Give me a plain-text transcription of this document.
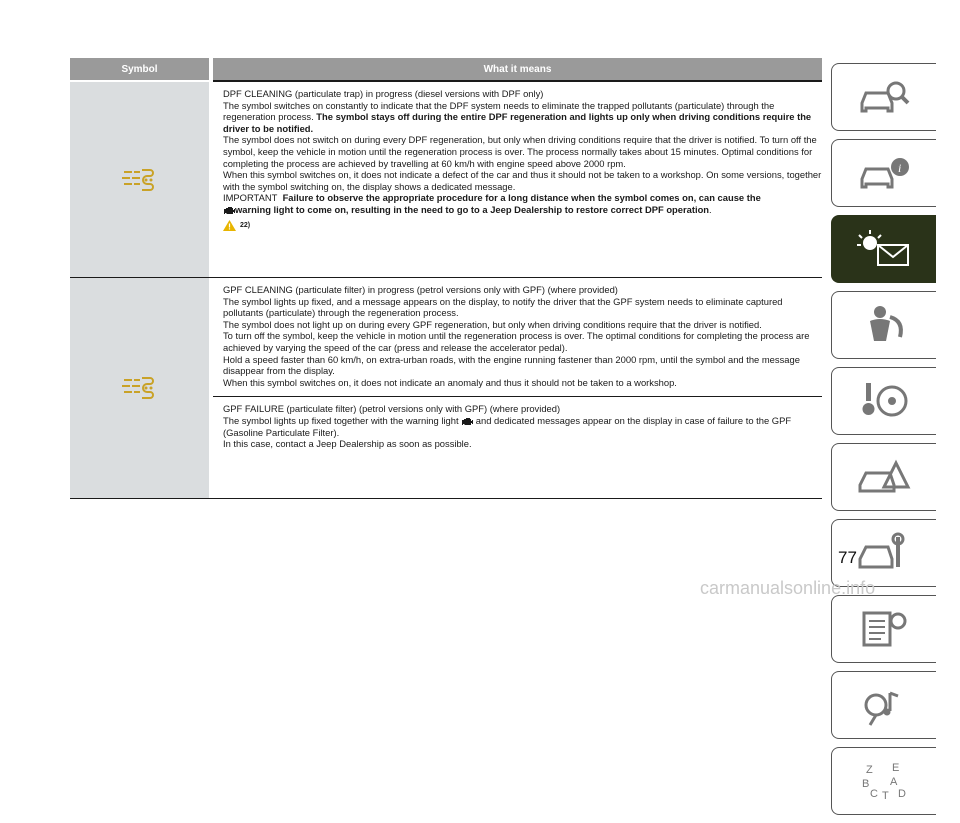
Symbol	What it means

DPF CLEANING (particulate trap) in progress (diesel versions with DPF only)

The symbol switches on constantly to indicate that the DPF system needs to eliminate the trapped pollutants (particulate) through the regeneration process. The symbol stays off during the entire DPF regeneration and lights up only when driving conditions require the driver to be notified.

The symbol does not switch on during every DPF regeneration, but only when driving conditions require that the driver is notified. To turn off the symbol, keep the vehicle in motion until the regeneration process is over. The process normally takes about 15 minutes. Optimal conditions for completing the process are achieved by travelling at 60 km/h with engine speed above 2000 rpm.

When this symbol switches on, it does not indicate a defect of the car and thus it should not be taken to a workshop. On some versions, together with the symbol switching on, the display shows a dedicated message.

IMPORTANT Failure to observe the appropriate procedure for a long distance when the symbol comes on, can cause the
warning light to come on, resulting in the need to go to a Jeep Dealership to restore correct DPF operation.

22)

GPF CLEANING (particulate filter) in progress (petrol versions only with GPF) (where provided)

The symbol lights up fixed, and a message appears on the display, to notify the driver that the GPF system needs to eliminate captured pollutants (particulate) through the regeneration process.

The symbol does not light up on during every GPF regeneration, but only when driving conditions require that the driver is notified.

To turn off the symbol, keep the vehicle in motion until the regeneration process is over. The optimal conditions for completing the process are achieved by varying the speed of the car (press and release the accelerator pedal).

Hold a speed faster than 60 km/h, on extra-urban roads, with the engine running fastener than 2000 rpm, until the symbol and the message disappear from the display.

When this symbol switches on, it does not indicate an anomaly and thus it should not be taken to a workshop.

GPF FAILURE (particulate filter) (petrol versions only with GPF) (where provided)

The symbol lights up fixed together with the warning light and dedicated messages appear on the display in case of failure to the GPF (Gasoline Particulate Filter).

In this case, contact a Jeep Dealership as soon as possible.

i
Z E
B A
C T D
77
carmanualsonline.info
